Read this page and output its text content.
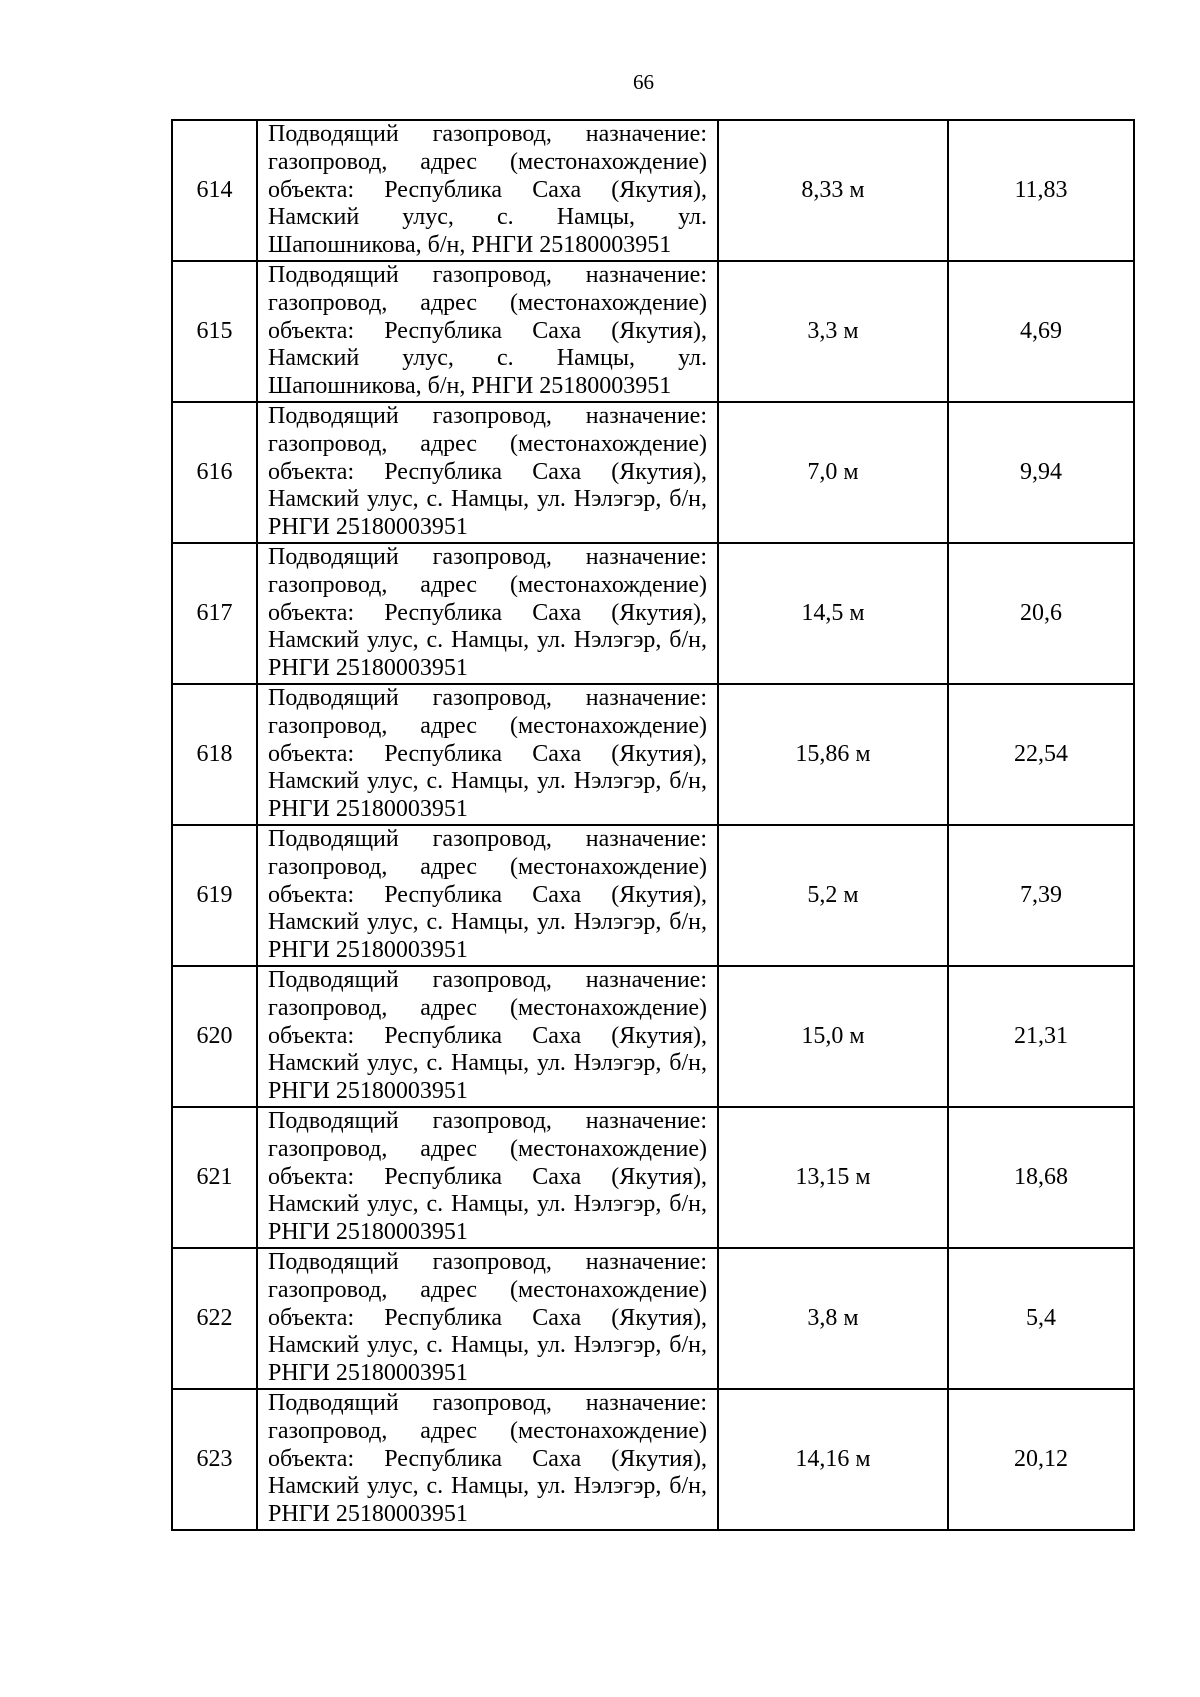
66
614	Подводящий газопровод, назначение: газопровод, адрес (местонахождение) объекта: Республика Саха (Якутия), Намский улус, с. Намцы, ул. Шапошникова, б/н, РНГИ 25180003951	8,33 м	11,83
615	Подводящий газопровод, назначение: газопровод, адрес (местонахождение) объекта: Республика Саха (Якутия), Намский улус, с. Намцы, ул. Шапошникова, б/н, РНГИ 25180003951	3,3 м	4,69
616	Подводящий газопровод, назначение: газопровод, адрес (местонахождение) объекта: Республика Саха (Якутия), Намский улус, с. Намцы, ул. Нэлэгэр, б/н, РНГИ 25180003951	7,0 м	9,94
617	Подводящий газопровод, назначение: газопровод, адрес (местонахождение) объекта: Республика Саха (Якутия), Намский улус, с. Намцы, ул. Нэлэгэр, б/н, РНГИ 25180003951	14,5 м	20,6
618	Подводящий газопровод, назначение: газопровод, адрес (местонахождение) объекта: Республика Саха (Якутия), Намский улус, с. Намцы, ул. Нэлэгэр, б/н, РНГИ 25180003951	15,86 м	22,54
619	Подводящий газопровод, назначение: газопровод, адрес (местонахождение) объекта: Республика Саха (Якутия), Намский улус, с. Намцы, ул. Нэлэгэр, б/н, РНГИ 25180003951	5,2 м	7,39
620	Подводящий газопровод, назначение: газопровод, адрес (местонахождение) объекта: Республика Саха (Якутия), Намский улус, с. Намцы, ул. Нэлэгэр, б/н, РНГИ 25180003951	15,0 м	21,31
621	Подводящий газопровод, назначение: газопровод, адрес (местонахождение) объекта: Республика Саха (Якутия), Намский улус, с. Намцы, ул. Нэлэгэр, б/н, РНГИ 25180003951	13,15 м	18,68
622	Подводящий газопровод, назначение: газопровод, адрес (местонахождение) объекта: Республика Саха (Якутия), Намский улус, с. Намцы, ул. Нэлэгэр, б/н, РНГИ 25180003951	3,8 м	5,4
623	Подводящий газопровод, назначение: газопровод, адрес (местонахождение) объекта: Республика Саха (Якутия), Намский улус, с. Намцы, ул. Нэлэгэр, б/н, РНГИ 25180003951	14,16 м	20,12
